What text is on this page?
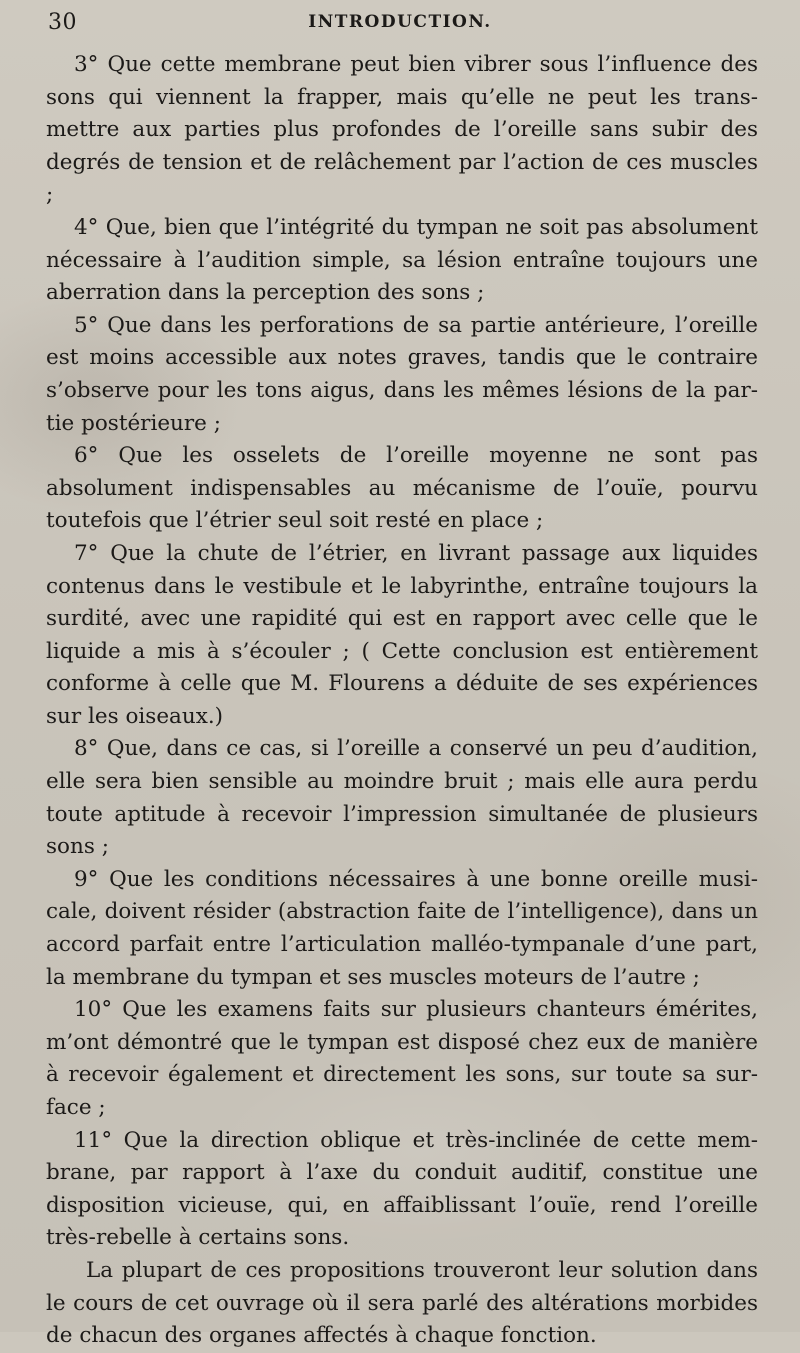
30	INTRODUCTION.

3° Que cette membrane peut bien vibrer sous l’influence des sons qui viennent la frapper, mais qu’elle ne peut les transmettre aux parties plus profondes de l’oreille sans subir des degrés de tension et de relâchement par l’action de ces muscles ;

4° Que, bien que l’intégrité du tympan ne soit pas absolument nécessaire à l’audition simple, sa lésion entraîne toujours une aberration dans la perception des sons ;

5° Que dans les perforations de sa partie antérieure, l’oreille est moins accessible aux notes graves, tandis que le contraire s’observe pour les tons aigus, dans les mêmes lésions de la partie postérieure ;

6° Que les osselets de l’oreille moyenne ne sont pas absolument indispensables au mécanisme de l’ouïe, pourvu toutefois que l’étrier seul soit resté en place ;

7° Que la chute de l’étrier, en livrant passage aux liquides contenus dans le vestibule et le labyrinthe, entraîne toujours la surdité, avec une rapidité qui est en rapport avec celle que le liquide a mis à s’écouler ; ( Cette conclusion est entièrement conforme à celle que M. Flourens a déduite de ses expériences sur les oiseaux.)

8° Que, dans ce cas, si l’oreille a conservé un peu d’audition, elle sera bien sensible au moindre bruit ; mais elle aura perdu toute aptitude à recevoir l’impression simultanée de plusieurs sons ;

9° Que les conditions nécessaires à une bonne oreille musicale, doivent résider (abstraction faite de l’intelligence), dans un accord parfait entre l’articulation malléo-tympanale d’une part, la membrane du tympan et ses muscles moteurs de l’autre ;

10° Que les examens faits sur plusieurs chanteurs émérites, m’ont démontré que le tympan est disposé chez eux de manière à recevoir également et directement les sons, sur toute sa surface ;

11° Que la direction oblique et très-inclinée de cette membrane, par rapport à l’axe du conduit auditif, constitue une disposition vicieuse, qui, en affaiblissant l’ouïe, rend l’oreille très-rebelle à certains sons.

La plupart de ces propositions trouveront leur solution dans le cours de cet ouvrage où il sera parlé des altérations morbides de chacun des organes affectés à chaque fonction.
